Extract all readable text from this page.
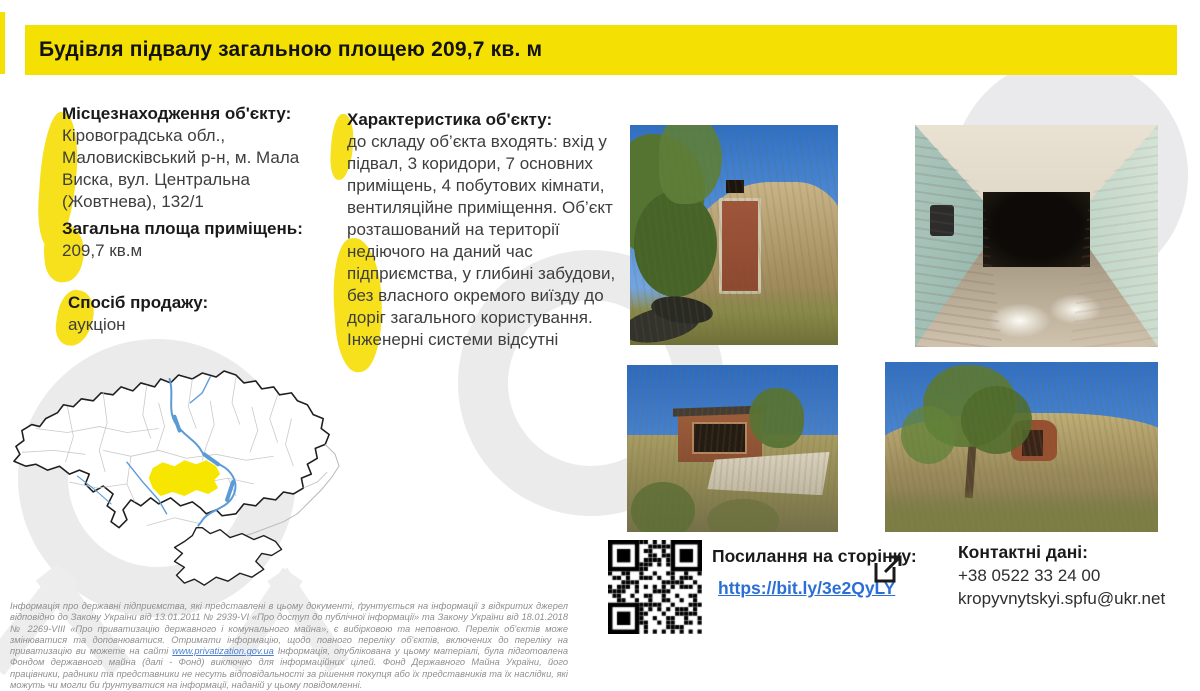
Будівля підвалу загальною площею 209,7 кв. м
Місцезнаходження об'єкту:
Кіровоградська обл.,
Маловисківський р-н, м. Мала
Виска, вул. Центральна
(Жовтнева), 132/1
Загальна площа приміщень:
209,7 кв.м
Спосіб продажу:
аукціон
Характеристика об'єкту:
до складу об’єкта входять: вхід у підвал, 3 коридори, 7 основних приміщень, 4 побутових кімнати, вентиляційне приміщення. Об’єкт розташований на території недіючого на даний час підприємства, у глибині забудови, без власного окремого виїзду до доріг загального користування. Інженерні системи відсутні
Посилання на сторінку:
https://bit.ly/3e2QyLY
Контактні дані:
+38 0522 33 24 00
kropyvnytskyi.spfu@ukr.net
Інформація про державні підприємства, які представлені в цьому документі, ґрунтується на інформації з відкритих джерел відповідно до Закону України від 13.01.2011 № 2939-VI «Про доступ до публічної інформації» та Закону України від 18.01.2018 № 2269-VIII «Про приватизацію державного і комунального майна», є вибірковою та неповною. Перелік об'єктів може змінюватися та доповнюватися. Отримати інформацію, щодо повного переліку об'єктів, включених до переліку на приватизацію ви можете на сайті www.privatization.gov.ua Інформація, опублікована у цьому матеріалі, була підготовлена Фондом державного майна (далі - Фонд) виключно для інформаційних цілей. Фонд Державного Майна України, його працівники, радники та представники не несуть відповідальності за рішення покупця або їх представників та їх наслідки, які можуть чи могли би ґрунтуватися на інформації, наданій у цьому повідомленні.
